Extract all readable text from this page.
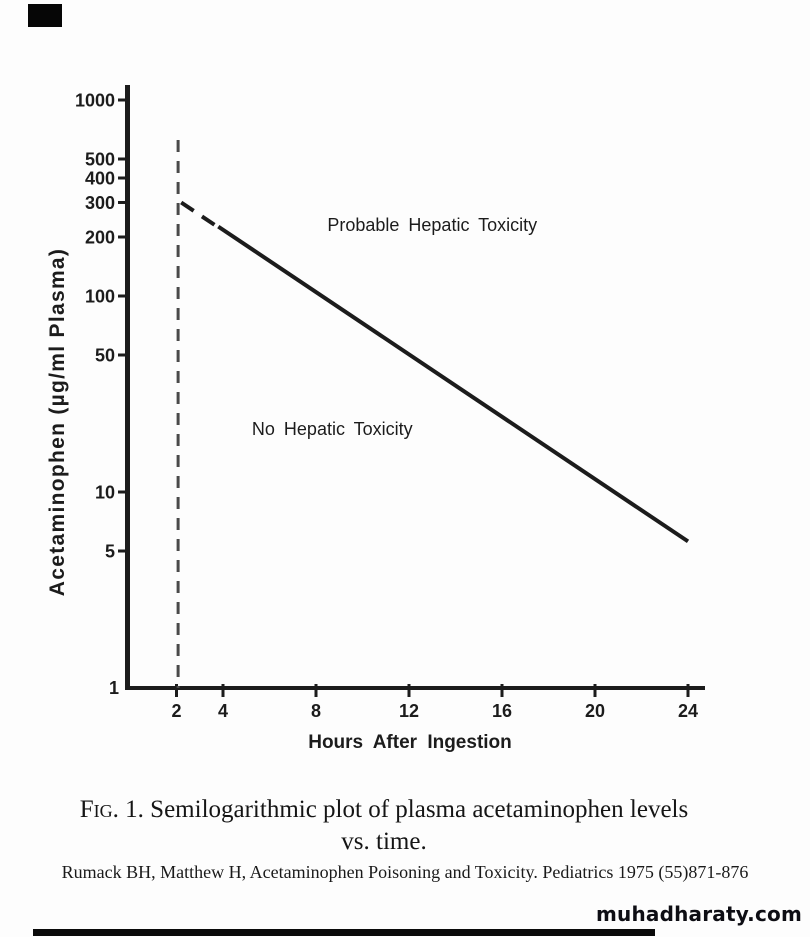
1000
500
400
300
200
100
50
10
5
1
2 4	8	12	16	20	24
Hours After Ingestion
Acetaminophen (µg/ml Plasma)
Probable Hepatic Toxicity
No Hepatic Toxicity
Fig. 1. Semilogarithmic plot of plasma acetaminophen levels
vs. time.
Rumack BH, Matthew H, Acetaminophen Poisoning and Toxicity. Pediatrics 1975 (55)871-876
muhadharaty.com
